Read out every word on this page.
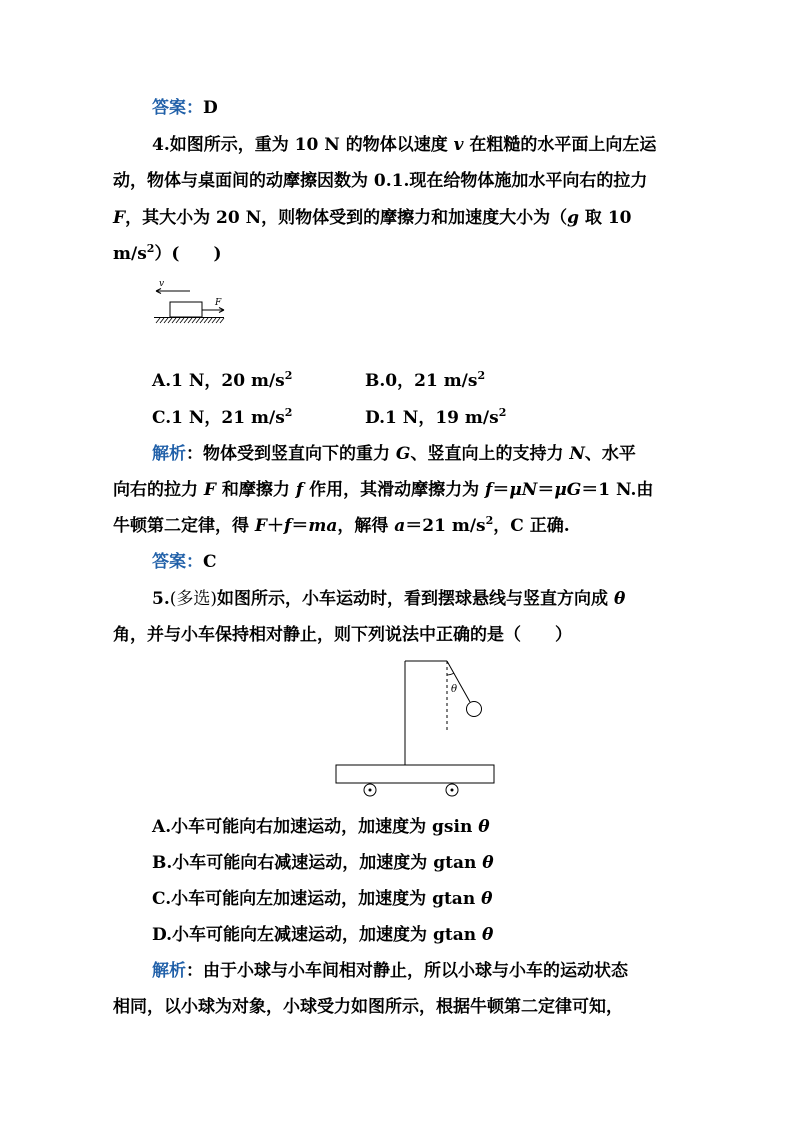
答案：D
4.如图所示，重为 10 N 的物体以速度 v 在粗糙的水平面上向左运
动，物体与桌面间的动摩擦因数为 0.1.现在给物体施加水平向右的拉力
F，其大小为 20 N，则物体受到的摩擦力和加速度大小为（g 取 10
$m/s^2$）(　　)
v
F
A.1 N，20 $m/s^2$	B.0，21 $m/s^2$
C.1 N，21 $m/s^2$	D.1 N，19 $m/s^2$
解析：物体受到竖直向下的重力 G、竖直向上的支持力 N、水平
向右的拉力 F 和摩擦力 f 作用，其滑动摩擦力为 f＝μN＝μG＝1 N.由
牛顿第二定律，得 F＋f＝ma，解得 a＝21 $m/s^2$，C 正确.
答案：C
5.(多选)如图所示，小车运动时，看到摆球悬线与竖直方向成 θ
角，并与小车保持相对静止，则下列说法中正确的是（　　）
θ
A.小车可能向右加速运动，加速度为 gsin θ
B.小车可能向右减速运动，加速度为 gtan θ
C.小车可能向左加速运动，加速度为 gtan θ
D.小车可能向左减速运动，加速度为 gtan θ
解析：由于小球与小车间相对静止，所以小球与小车的运动状态
相同，以小球为对象，小球受力如图所示，根据牛顿第二定律可知，
